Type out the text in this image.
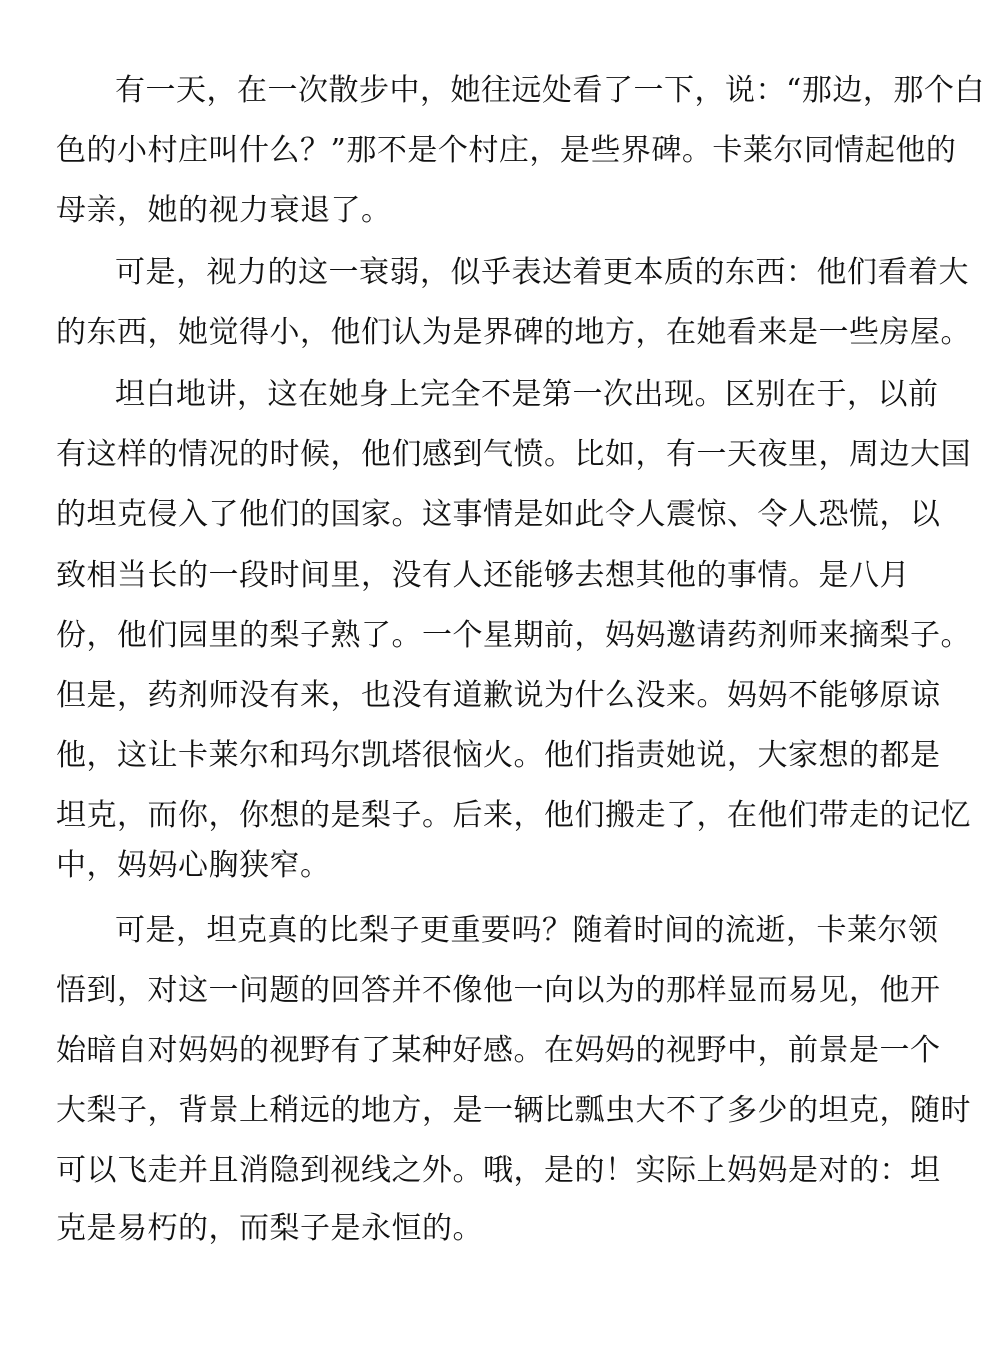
有一天，在一次散步中，她往远处看了一下，说：“那边，那个白
色的小村庄叫什么？”那不是个村庄，是些界碑。卡莱尔同情起他的
母亲，她的视力衰退了。
可是，视力的这一衰弱，似乎表达着更本质的东西：他们看着大
的东西，她觉得小，他们认为是界碑的地方，在她看来是一些房屋。
坦白地讲，这在她身上完全不是第一次出现。区别在于，以前
有这样的情况的时候，他们感到气愤。比如，有一天夜里，周边大国
的坦克侵入了他们的国家。这事情是如此令人震惊、令人恐慌，以
致相当长的一段时间里，没有人还能够去想其他的事情。是八月
份，他们园里的梨子熟了。一个星期前，妈妈邀请药剂师来摘梨子。
但是，药剂师没有来，也没有道歉说为什么没来。妈妈不能够原谅
他，这让卡莱尔和玛尔凯塔很恼火。他们指责她说，大家想的都是
坦克，而你，你想的是梨子。后来，他们搬走了，在他们带走的记忆
中，妈妈心胸狭窄。
可是，坦克真的比梨子更重要吗？随着时间的流逝，卡莱尔领
悟到，对这一问题的回答并不像他一向以为的那样显而易见，他开
始暗自对妈妈的视野有了某种好感。在妈妈的视野中，前景是一个
大梨子，背景上稍远的地方，是一辆比瓢虫大不了多少的坦克，随时
可以飞走并且消隐到视线之外。哦，是的！实际上妈妈是对的：坦
克是易朽的，而梨子是永恒的。
